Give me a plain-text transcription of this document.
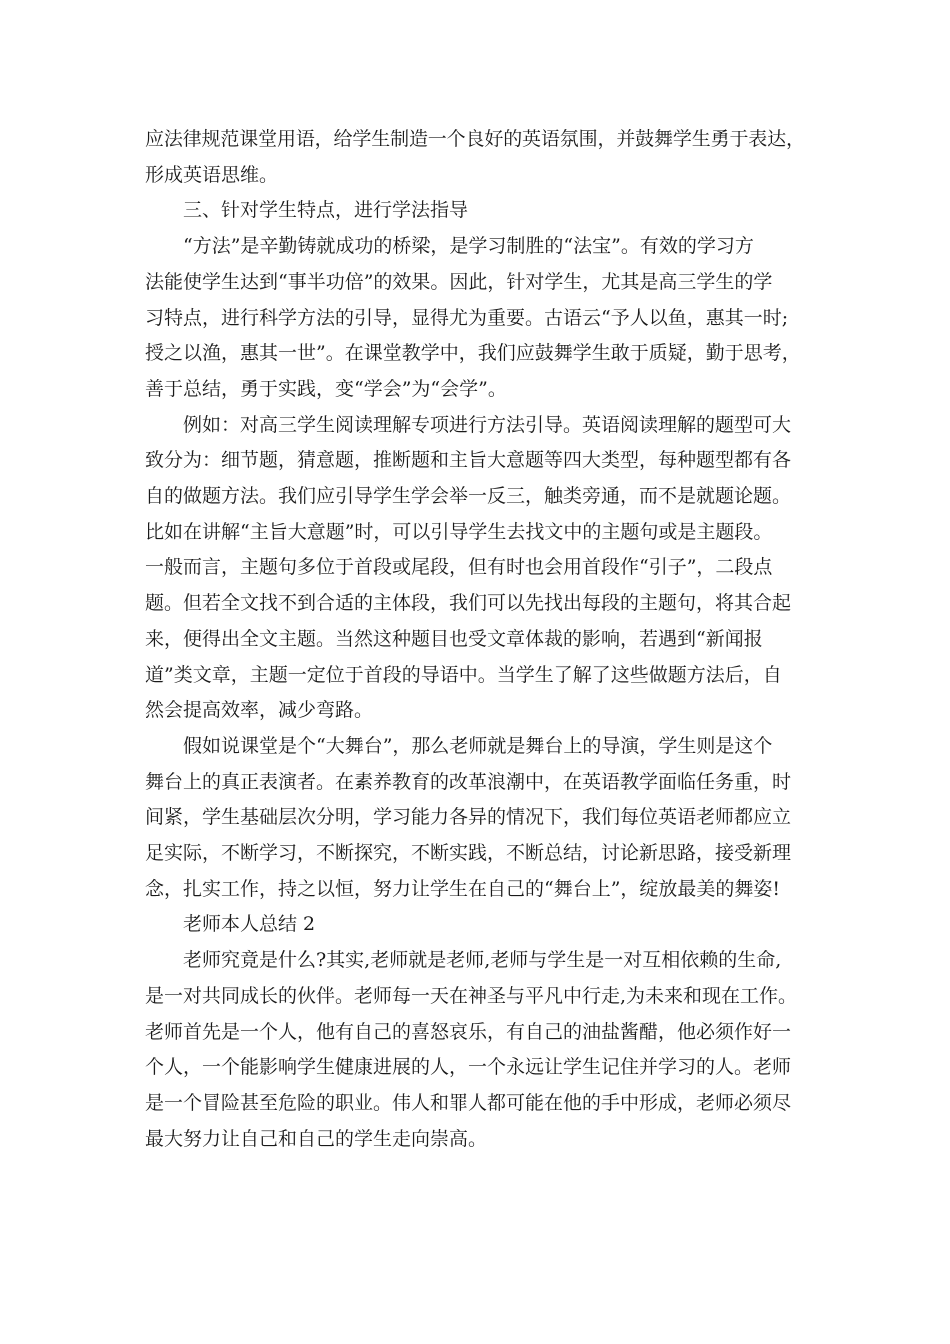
应法律规范课堂用语，给学生制造一个良好的英语氛围，并鼓舞学生勇于表达，
形成英语思维。

三、针对学生特点，进行学法指导

“方法”是辛勤铸就成功的桥梁，是学习制胜的“法宝”。有效的学习方
法能使学生达到“事半功倍”的效果。因此，针对学生，尤其是高三学生的学
习特点，进行科学方法的引导，显得尤为重要。古语云“予人以鱼，惠其一时;
授之以渔，惠其一世”。在课堂教学中，我们应鼓舞学生敢于质疑，勤于思考，
善于总结，勇于实践，变“学会”为“会学”。

例如：对高三学生阅读理解专项进行方法引导。英语阅读理解的题型可大
致分为：细节题，猜意题，推断题和主旨大意题等四大类型，每种题型都有各
自的做题方法。我们应引导学生学会举一反三，触类旁通，而不是就题论题。
比如在讲解“主旨大意题”时，可以引导学生去找文中的主题句或是主题段。
一般而言，主题句多位于首段或尾段，但有时也会用首段作“引子”，二段点
题。但若全文找不到合适的主体段，我们可以先找出每段的主题句，将其合起
来，便得出全文主题。当然这种题目也受文章体裁的影响，若遇到“新闻报
道”类文章，主题一定位于首段的导语中。当学生了解了这些做题方法后，自
然会提高效率，减少弯路。

假如说课堂是个“大舞台”，那么老师就是舞台上的导演，学生则是这个
舞台上的真正表演者。在素养教育的改革浪潮中，在英语教学面临任务重，时
间紧，学生基础层次分明，学习能力各异的情况下，我们每位英语老师都应立
足实际，不断学习，不断探究，不断实践，不断总结，讨论新思路，接受新理
念，扎实工作，持之以恒，努力让学生在自己的“舞台上”，绽放最美的舞姿!

老师本人总结 2

老师究竟是什么?其实,老师就是老师,老师与学生是一对互相依赖的生命,
是一对共同成长的伙伴。老师每一天在神圣与平凡中行走,为未来和现在工作。
老师首先是一个人，他有自己的喜怒哀乐，有自己的油盐酱醋，他必须作好一
个人，一个能影响学生健康进展的人，一个永远让学生记住并学习的人。老师
是一个冒险甚至危险的职业。伟人和罪人都可能在他的手中形成，老师必须尽
最大努力让自己和自己的学生走向崇高。
